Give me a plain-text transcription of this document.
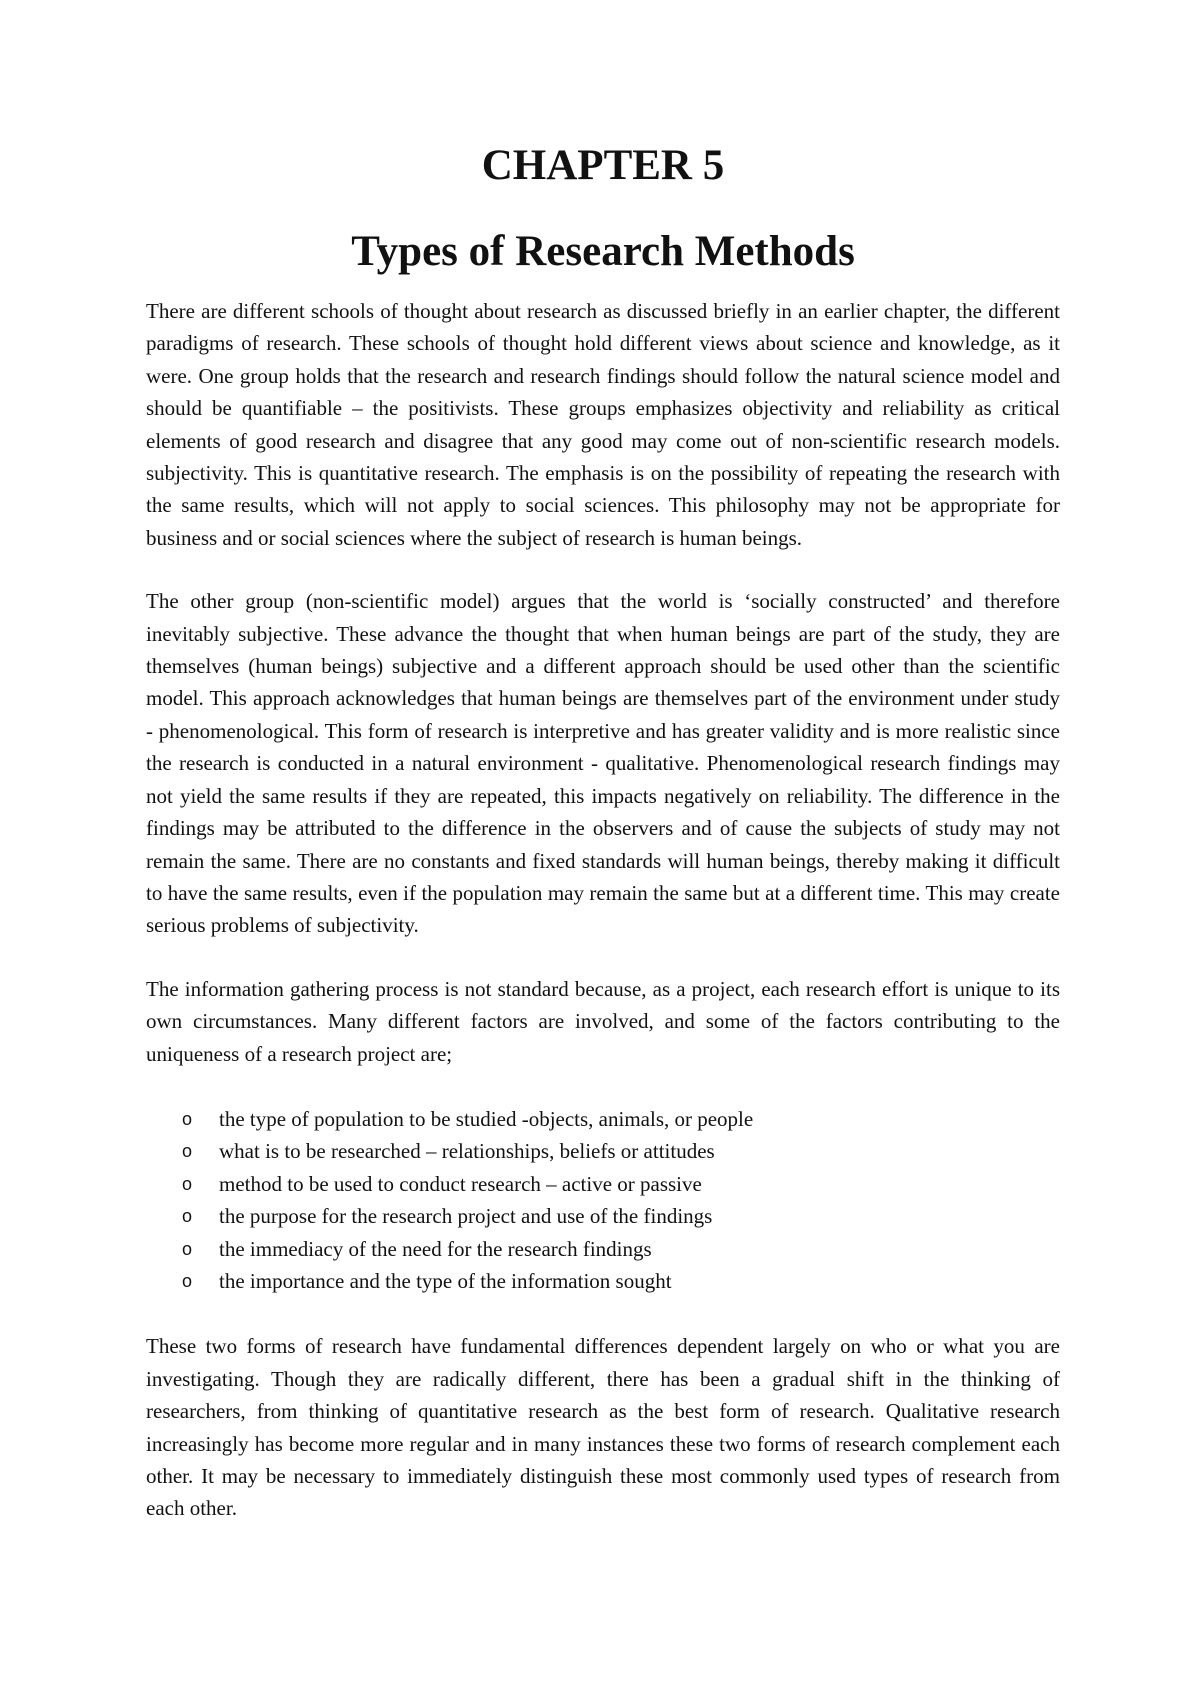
CHAPTER 5
Types of Research Methods

There are different schools of thought about research as discussed briefly in an earlier chapter, the different paradigms of research. These schools of thought hold different views about science and knowledge, as it were. One group holds that the research and research findings should follow the natural science model and should be quantifiable – the positivists. These groups emphasizes objectivity and reliability as critical elements of good research and disagree that any good may come out of non-scientific research models. subjectivity. This is quantitative research. The emphasis is on the possibility of repeating the research with the same results, which will not apply to social sciences. This philosophy may not be appropriate for business and or social sciences where the subject of research is human beings.

The other group (non-scientific model) argues that the world is ‘socially constructed’ and therefore inevitably subjective. These advance the thought that when human beings are part of the study, they are themselves (human beings) subjective and a different approach should be used other than the scientific model. This approach acknowledges that human beings are themselves part of the environment under study - phenomenological. This form of research is interpretive and has greater validity and is more realistic since the research is conducted in a natural environment - qualitative. Phenomenological research findings may not yield the same results if they are repeated, this impacts negatively on reliability. The difference in the findings may be attributed to the difference in the observers and of cause the subjects of study may not remain the same. There are no constants and fixed standards will human beings, thereby making it difficult to have the same results, even if the population may remain the same but at a different time. This may create serious problems of subjectivity.

The information gathering process is not standard because, as a project, each research effort is unique to its own circumstances. Many different factors are involved, and some of the factors contributing to the uniqueness of a research project are;

o the type of population to be studied -objects, animals, or people
o what is to be researched – relationships, beliefs or attitudes
o method to be used to conduct research – active or passive
o the purpose for the research project and use of the findings
o the immediacy of the need for the research findings
o the importance and the type of the information sought

These two forms of research have fundamental differences dependent largely on who or what you are investigating. Though they are radically different, there has been a gradual shift in the thinking of researchers, from thinking of quantitative research as the best form of research. Qualitative research increasingly has become more regular and in many instances these two forms of research complement each other. It may be necessary to immediately distinguish these most commonly used types of research from each other.
